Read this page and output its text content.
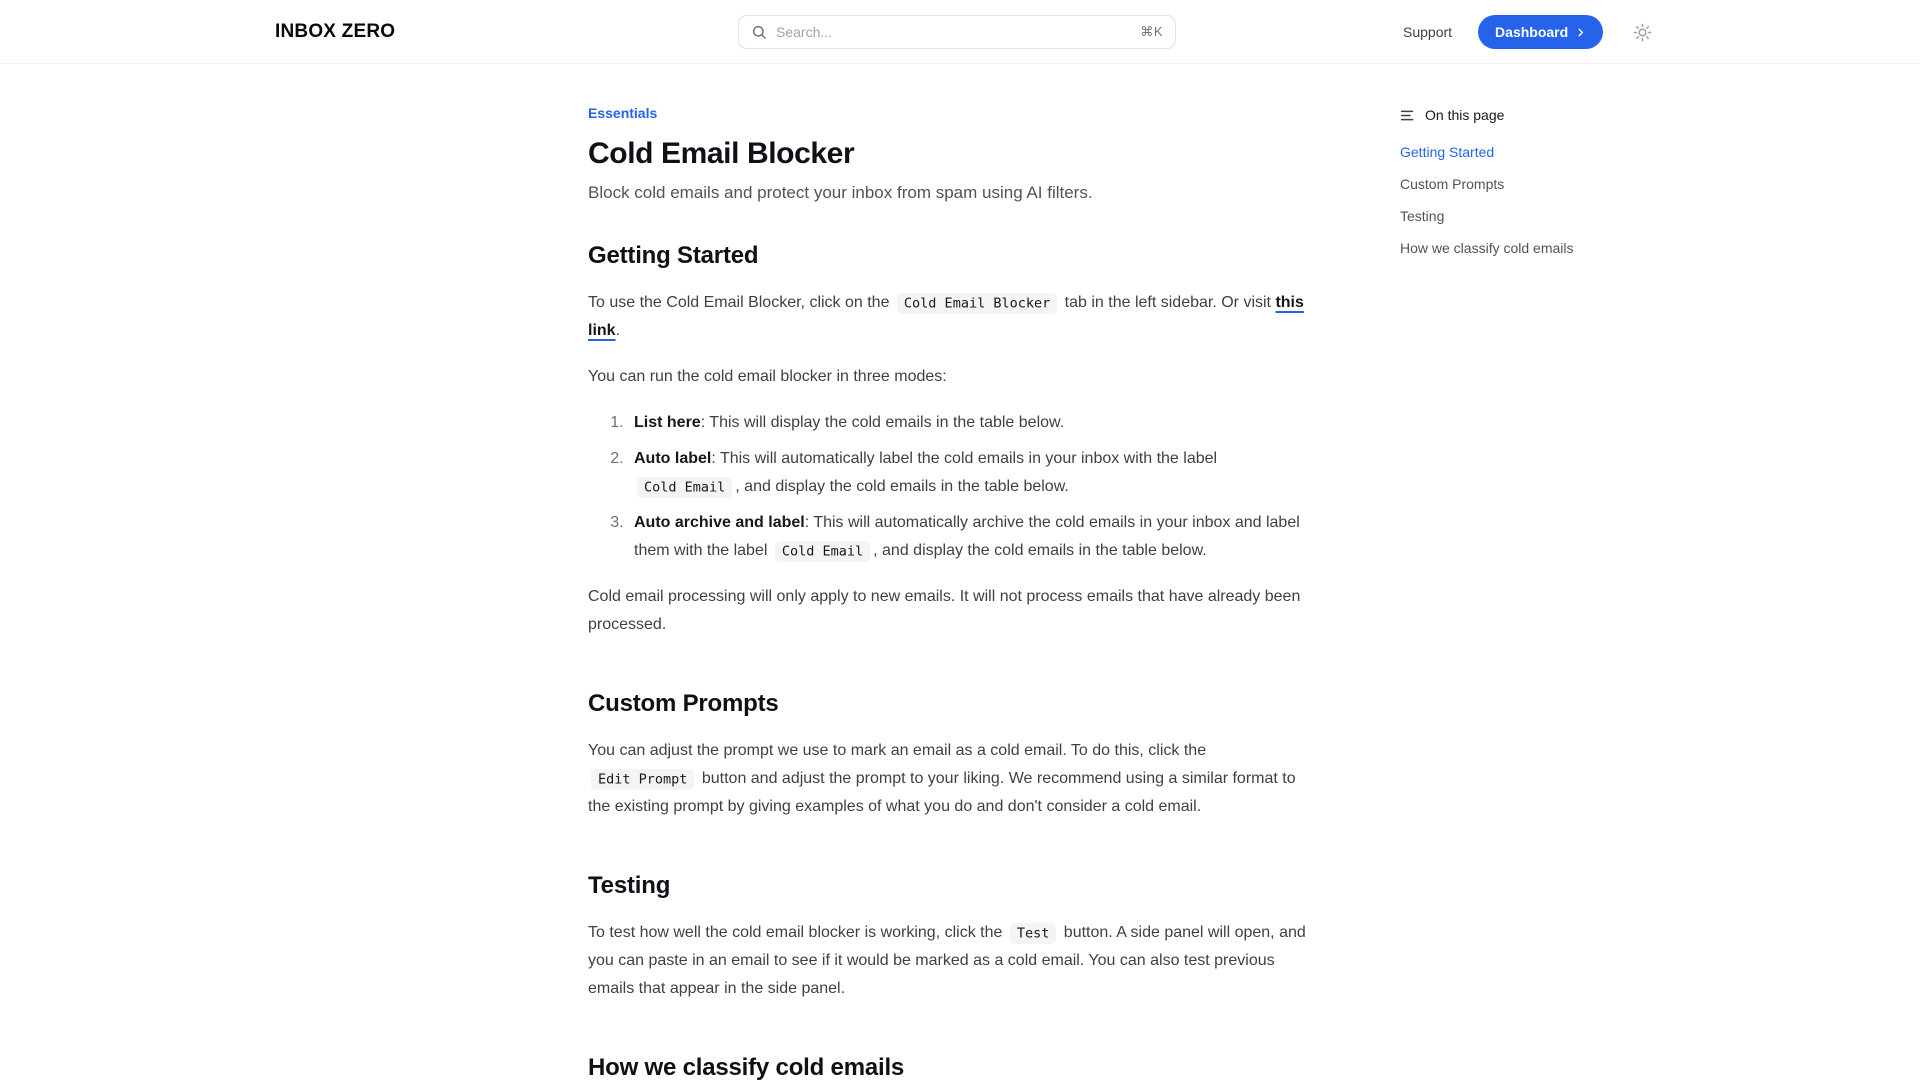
INBOX ZERO
Search...	⌘K	Support	Dashboard
Essentials
Cold Email Blocker
Block cold emails and protect your inbox from spam using AI filters.
Getting Started

To use the Cold Email Blocker, click on the Cold Email Blocker tab in the left sidebar. Or visit this link.

You can run the cold email blocker in three modes:

1. List here: This will display the cold emails in the table below.
2. Auto label: This will automatically label the cold emails in your inbox with the label Cold Email , and display the cold emails in the table below.
3. Auto archive and label: This will automatically archive the cold emails in your inbox and label them with the label Cold Email , and display the cold emails in the table below.

Cold email processing will only apply to new emails. It will not process emails that have already been processed.

Custom Prompts

You can adjust the prompt we use to mark an email as a cold email. To do this, click the Edit Prompt button and adjust the prompt to your liking. We recommend using a similar format to the existing prompt by giving examples of what you do and don't consider a cold email.

Testing

To test how well the cold email blocker is working, click the Test button. A side panel will open, and you can paste in an email to see if it would be marked as a cold email. You can also test previous emails that appear in the side panel.

How we classify cold emails
On this page
Getting Started
Custom Prompts
Testing
How we classify cold emails
